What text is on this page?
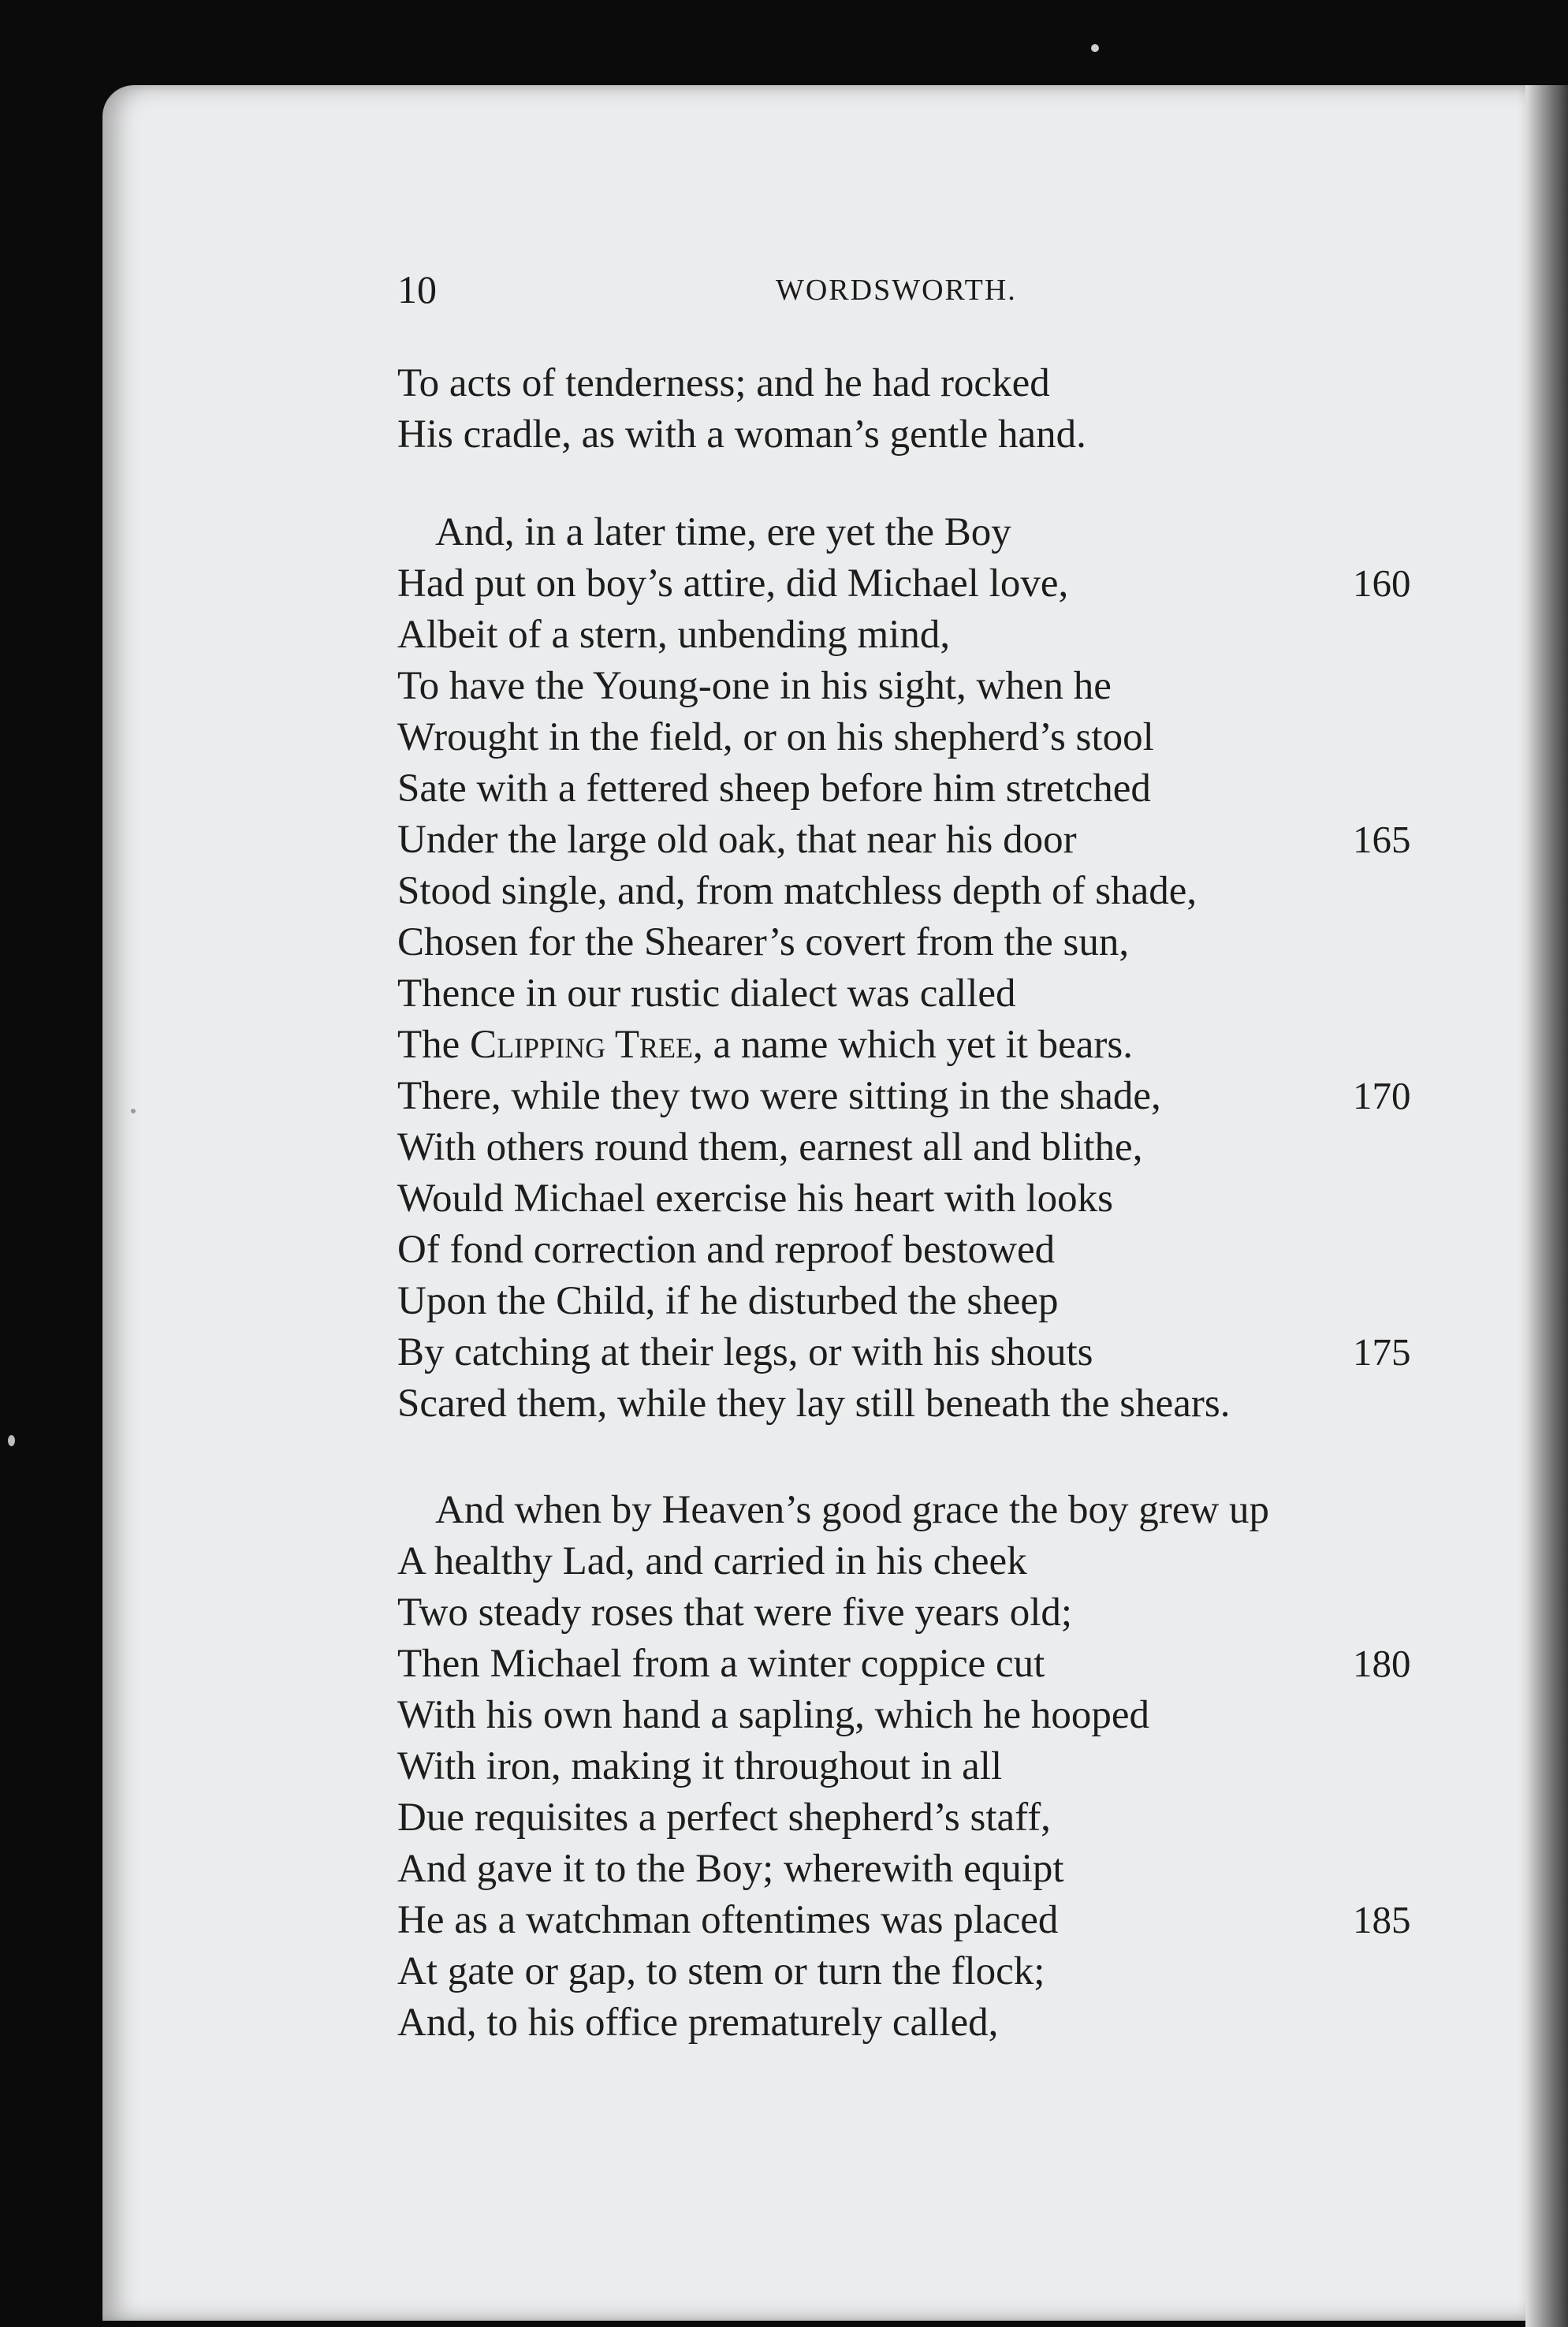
10	WORDSWORTH.
To acts of tenderness; and he had rocked
His cradle, as with a woman’s gentle hand.
And, in a later time, ere yet the Boy
Had put on boy’s attire, did Michael love,	160
Albeit of a stern, unbending mind,
To have the Young-one in his sight, when he
Wrought in the field, or on his shepherd’s stool
Sate with a fettered sheep before him stretched
Under the large old oak, that near his door	165
Stood single, and, from matchless depth of shade,
Chosen for the Shearer’s covert from the sun,
Thence in our rustic dialect was called
The Clipping Tree, a name which yet it bears.
There, while they two were sitting in the shade,	170
With others round them, earnest all and blithe,
Would Michael exercise his heart with looks
Of fond correction and reproof bestowed
Upon the Child, if he disturbed the sheep
By catching at their legs, or with his shouts	175
Scared them, while they lay still beneath the shears.
And when by Heaven’s good grace the boy grew up
A healthy Lad, and carried in his cheek
Two steady roses that were five years old;
Then Michael from a winter coppice cut	180
With his own hand a sapling, which he hooped
With iron, making it throughout in all
Due requisites a perfect shepherd’s staff,
And gave it to the Boy; wherewith equipt
He as a watchman oftentimes was placed	185
At gate or gap, to stem or turn the flock;
And, to his office prematurely called,
